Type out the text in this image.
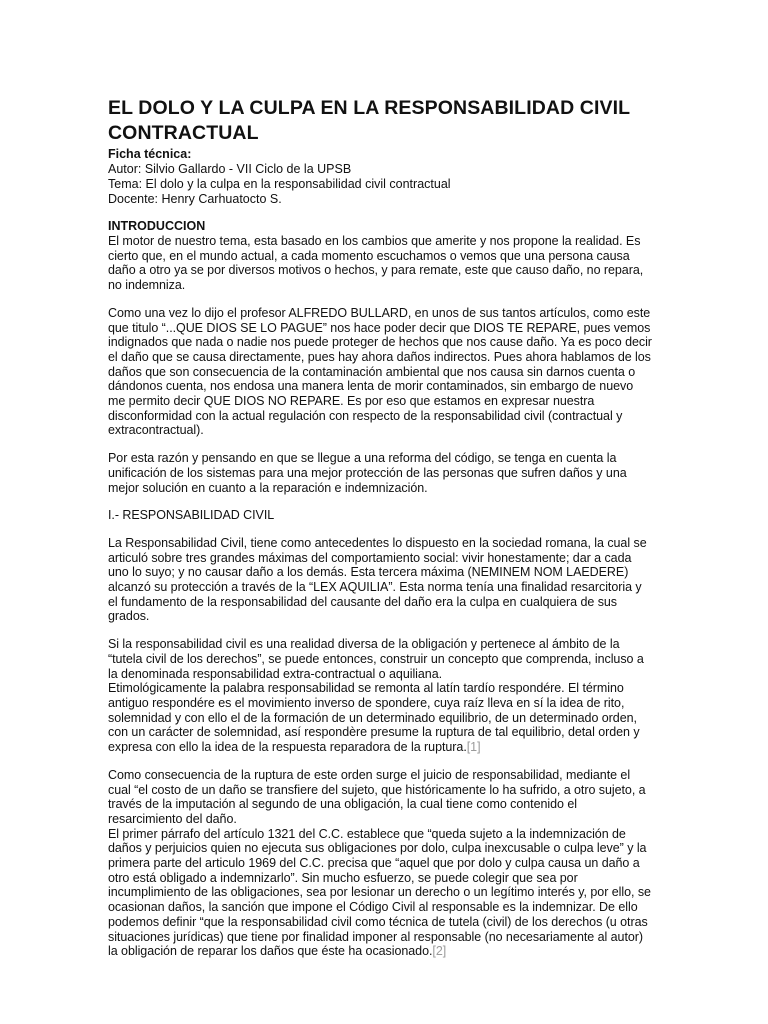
EL DOLO Y LA CULPA EN LA RESPONSABILIDAD CIVIL CONTRACTUAL
Ficha técnica:
Autor: Silvio Gallardo - VII Ciclo de la UPSB
Tema: El dolo y la culpa en la responsabilidad civil contractual
Docente: Henry Carhuatocto S.
INTRODUCCION

El motor de nuestro tema, esta basado en los cambios que amerite y nos propone la realidad. Es cierto que, en el mundo actual, a cada momento escuchamos o vemos que una persona causa daño a otro ya se por diversos motivos o hechos, y para remate, este que causo daño, no repara, no indemniza.

Como una vez lo dijo el profesor ALFREDO BULLARD, en unos de sus tantos artículos, como este que titulo “...QUE DIOS SE LO PAGUE” nos hace poder decir que DIOS TE REPARE, pues vemos indignados que nada o nadie nos puede proteger de hechos que nos cause daño. Ya es poco decir el daño que se causa directamente, pues hay ahora daños indirectos. Pues ahora hablamos de los daños que son consecuencia de la contaminación ambiental que nos causa sin darnos cuenta o dándonos cuenta, nos endosa una manera lenta de morir contaminados, sin embargo de nuevo me permito decir QUE DIOS NO REPARE. Es por eso que estamos en expresar nuestra disconformidad con la actual regulación con respecto de la responsabilidad civil (contractual y extracontractual).

Por esta razón y pensando en que se llegue a una reforma del código, se tenga en cuenta la unificación de los sistemas para una mejor protección de las personas que sufren daños y una mejor solución en cuanto a la reparación e indemnización.

I.- RESPONSABILIDAD CIVIL

La Responsabilidad Civil, tiene como antecedentes lo dispuesto en la sociedad romana, la cual se articuló sobre tres grandes máximas del comportamiento social: vivir honestamente; dar a cada uno lo suyo; y no causar daño a los demás. Esta tercera máxima (NEMINEM NOM LAEDERE) alcanzó su protección a través de la “LEX AQUILIA”. Esta norma tenía una finalidad resarcitoria y el fundamento de la responsabilidad del causante del daño era la culpa en cualquiera de sus grados.

Si la responsabilidad civil es una realidad diversa de la obligación y pertenece al ámbito de la “tutela civil de los derechos”, se puede entonces, construir un concepto que comprenda, incluso a la denominada responsabilidad extra-contractual o aquiliana.

Etimológicamente la palabra responsabilidad se remonta al latín tardío respondére. El término antiguo respondére es el movimiento inverso de spondere, cuya raíz lleva en sí la idea de rito, solemnidad y con ello el de la formación de un determinado equilibrio, de un determinado orden, con un carácter de solemnidad, así respondère presume la ruptura de tal equilibrio, detal orden y expresa con ello la idea de la respuesta reparadora de la ruptura.[1]

Como consecuencia de la ruptura de este orden surge el juicio de responsabilidad, mediante el cual “el costo de un daño se transfiere del sujeto, que históricamente lo ha sufrido, a otro sujeto, a través de la imputación al segundo de una obligación, la cual tiene como contenido el resarcimiento del daño.

El primer párrafo del artículo 1321 del C.C. establece que “queda sujeto a la indemnización de daños y perjuicios quien no ejecuta sus obligaciones por dolo, culpa inexcusable o culpa leve” y la primera parte del articulo 1969 del C.C. precisa que “aquel que por dolo y culpa causa un daño a otro está obligado a indemnizarlo”. Sin mucho esfuerzo, se puede colegir que sea por incumplimiento de las obligaciones, sea por lesionar un derecho o un legítimo interés y, por ello, se ocasionan daños, la sanción que impone el Código Civil al responsable es la indemnizar. De ello podemos definir “que la responsabilidad civil como técnica de tutela (civil) de los derechos (u otras situaciones jurídicas) que tiene por finalidad imponer al responsable (no necesariamente al autor) la obligación de reparar los daños que éste ha ocasionado.[2]
